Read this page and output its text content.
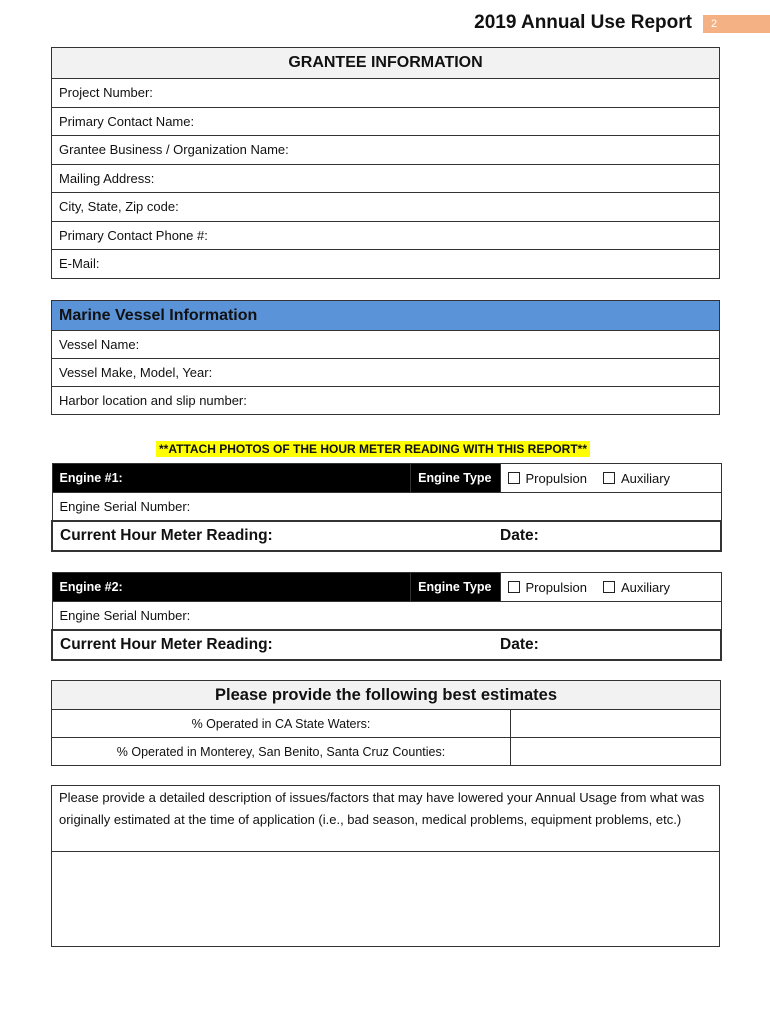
2019 Annual Use Report	2
GRANTEE INFORMATION
Project Number:
Primary Contact Name:
Grantee Business / Organization Name:
Mailing Address:
City, State, Zip code:
Primary Contact Phone #:
E-Mail:
Marine Vessel Information
Vessel Name:
Vessel Make, Model, Year:
Harbor location and slip number:
**ATTACH PHOTOS OF THE HOUR METER READING WITH THIS REPORT**
Engine #1:	Engine Type	Propulsion Auxiliary
Engine Serial Number:		
Current Hour Meter Reading:		Date:
Engine #2:	Engine Type	Propulsion Auxiliary
Engine Serial Number:		
Current Hour Meter Reading:		Date:
Please provide the following best estimates	
% Operated in CA State Waters:	
% Operated in Monterey, San Benito, Santa Cruz Counties:	
Please provide a detailed description of issues/factors that may have lowered your Annual Usage from what was originally estimated at the time of application (i.e., bad season, medical problems, equipment problems, etc.)
